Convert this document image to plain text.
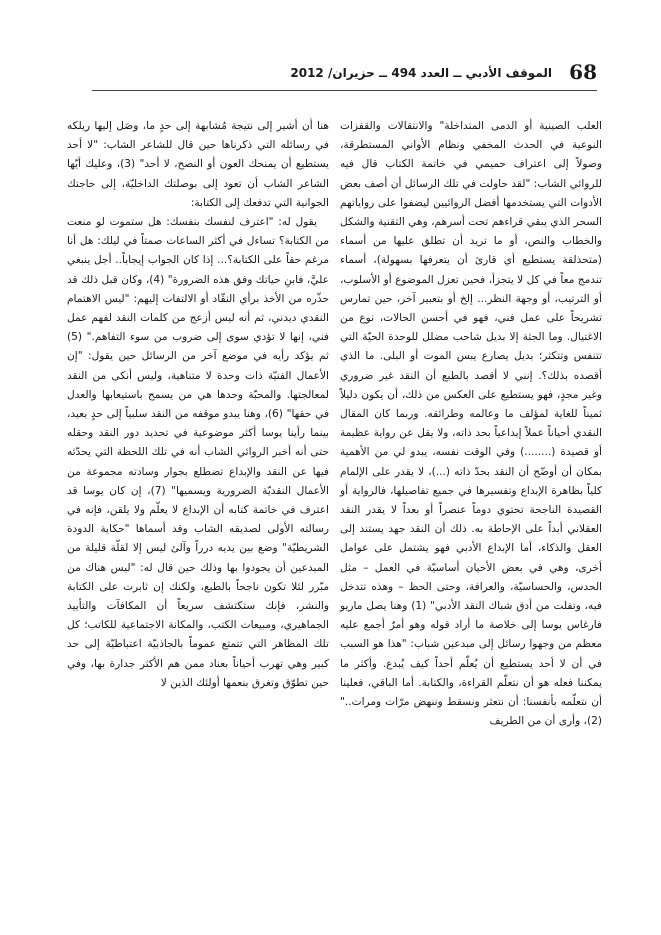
68
الموقف الأدبي ــ العدد 494 ــ حزيران/ 2012

العلب الصينية أو الدمى المتداخلة" والانتقالات والقفزات النوعية في الحدث المخفي ونظام الأواني المستطرقة، وصولاً إلى اعتراف حميمي في خاتمة الكتاب قال فيه للروائي الشاب: "لقد حاولت في تلك الرسائل أن أصف بعض الأدوات التي يستخدمها أفضل الروائيين ليضفوا على رواياتهم السحر الذي يبقي قراءهم تحت أسرهم، وهي التقنية والشكل والخطاب والنص، أو ما تريد أن تطلق عليها من أسماء (متحذلقة يستطيع أي قارئ أن يتعرفها بسهولة)، أسماء تندمج معاً في كل لا يتجزأ، فحين تعزل الموضوع أو الأسلوب، أو الترتيب، أو وجهة النظر... إلخ أو بتعبير آخر، حين تمارس تشريحاً على عمل فني، فهو في أحسن الحالات، نوع من الاغتيال. وما الجثة إلا بديل شاحب مضلل للوحدة الحيّة التي تتنفس وتتكثر؛ بديل يصارع يبس الموت أو البلى. ما الذي أقصده بذلك؟. إنني لا أقصد بالطبع أن النقد غير ضروري وغير مجدٍ، فهو يستطيع على العكس من ذلك، أن يكون دليلاً ثميناً للغاية لمؤلف ما وعالمه وطرائقه. وربما كان المقال النقدي أحياناً عملاً إبداعياً بحد ذاته، ولا يقل عن رواية عظيمة أو قصيدة (........) وفي الوقت نفسه، يبدو لي من الأهمية بمكان أن أوضّح أن النقد بحدّ ذاته (...)، لا يقدر على الإلمام كلياً بظاهرة الإبداع وتفسيرها في جميع تفاصيلها، فالرواية أو القصيدة الناجحة تحتوي دوماً عنصراً أو بعداً لا يقدر النقد العقلاني أبداً على الإحاطة به. ذلك أن النقد جهد يستند إلى العقل والذكاء، أما الإبداع الأدبي فهو يشتمل على عوامل أخرى، وهي في بعض الأحيان أساسيّة في العمل – مثل الحدس، والحساسيّة، والعرافة، وحتى الحظ – وهذه تتدخل فيه، وتفلت من أدق شباك النقد الأدبي" (1) وهنا يصل ماريو فارغاس يوسا إلى خلاصة ما أراد قوله وهو أمرٌ أجمع عليه معظم من وجهوا رسائل إلى مبدعين شباب: "هذا هو السبب في أن لا أحد يستطيع أن يُعلّم أحداً كيف يُبدع. وأكثر ما يمكننا فعله هو أن نتعلّم القراءة، والكتابة. أما الباقي، فعلينا أن نتعلّمه بأنفسنا: أن نتعثر ونسقط وننهض مرّات ومرات.." (2)، وأرى أن من الطريف

هنا أن أشير إلى نتيجة مُشابهة إلى حدٍ ما، وصَل إليها ريلكه في رسائله التي ذكرناها حين قال للشاعر الشاب: "لا أحد يستطيع أن يمنحك العون أو النصح، لا أحد" (3)، وعليك أيّها الشاعر الشاب أن تعود إلى بوصلتك الداخليّة، إلى حاجتك الجوانية التي تدفعك إلى الكتابة:

يقول له: "اعترف لنفسك بنفسك: هل ستموت لو منعت من الكتابة؟ تساءل في أكثر الساعات صمتاً في ليلك: هل أنا مرغم حقاً على الكتابة؟... إذا كان الجواب إيجاباً.. أجل ينبغي عليَّ، فابنِ حياتك وفق هذه الضرورة" (4)، وكان قبل ذلك قد حذّره من الأخذ برأي النقّاد أو الالتفات إليهم: "ليس الاهتمام النقدي ديدني، ثم أنه ليس أزعج من كلمات النقد لفهم عمل فني، إنها لا تؤدي سوى إلى ضروب من سوء التفاهم." (5) ثم يؤكد رأيه في موضع آخر من الرسائل حين يقول: "إن الأعمال الفنيّة ذات وحدة لا متناهية، وليس أنكى من النقد لمعالجتها. والمحبّة وحدها هي من يسمح باستيعابها والعدل في حقها" (6)، وهنا يبدو موقفه من النقد سلبياً إلى حدٍ بعيد، بينما رأينا يوسا أكثر موضوعية في تحديد دور النقد وحقله حتى أنه أخبر الروائي الشاب أنه في تلك اللحظة التي يحدّثه فيها عن النقد والإبداع تضطلع بجوار وسادته مجموعة من الأعمال النقديّة الضرورية ويسميها" (7)، إن كان يوسا قد اعترف في خاتمة كتابه أن الإبداع لا يعلّم ولا يلقن، فإنه في رسالته الأولى لصديقه الشاب وقد أسماها "حكاية الدودة الشريطيّة" وضع بين يديه درراً وآلئ ليس إلا لقلّة قليلة من المبدعين أن يجودوا بها وذلك حين قال له: "ليس هناك من مبّرر لئلا تكون ناجحاً بالطبع، ولكنك إن ثابرت على الكتابة والنشر، فإنك ستكتشف سريعاً أن المكافآت والتأييد الجماهيري، ومبيعات الكتب، والمكانة الاجتماعية للكاتب؛ كل تلك المظاهر التي تتمتع عموماً بالجاذبيّة اعتباطيّة إلى حد كبير وهي تهرب أحياناً بعناد ممن هم الأكثر جدارة بها، وفي حين تطوّق وتغرق بنعمها أولئك الذين لا
